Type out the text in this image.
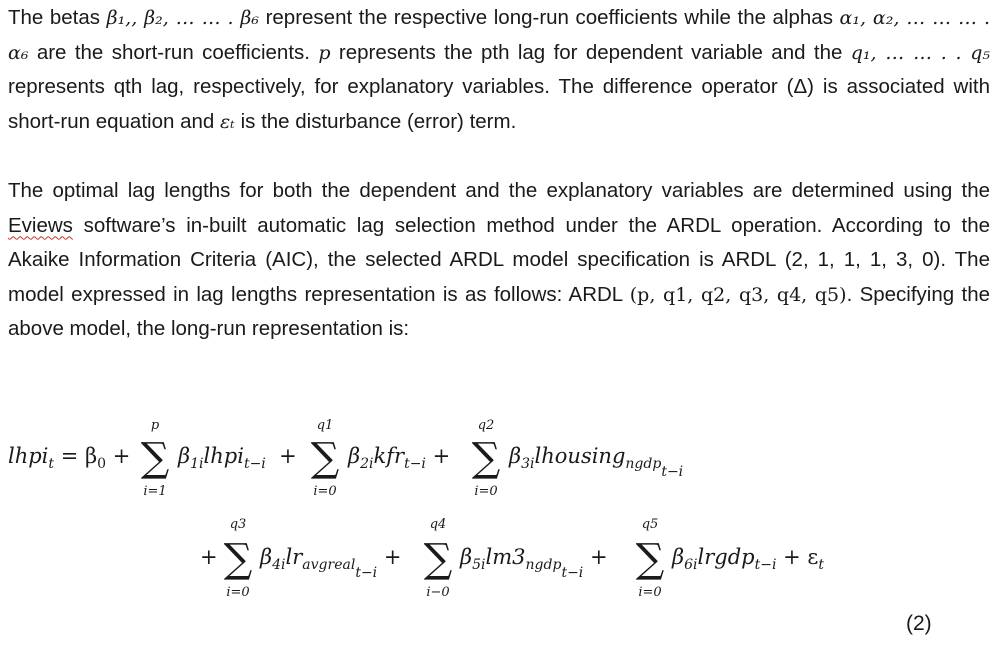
The betas β₁,, β₂, … … . β₆ represent the respective long-run coefficients while the alphas α₁, α₂, … … … . α₆ are the short-run coefficients. p represents the pth lag for dependent variable and the q₁, … … . . q₅ represents qth lag, respectively, for explanatory variables. The difference operator (Δ) is associated with short-run equation and εₜ is the disturbance (error) term.

The optimal lag lengths for both the dependent and the explanatory variables are determined using the Eviews software’s in-built automatic lag selection method under the ARDL operation. According to the Akaike Information Criteria (AIC), the selected ARDL model specification is ARDL (2, 1, 1, 1, 3, 0). The model expressed in lag lengths representation is as follows: ARDL (p, q1, q2, q3, q4, q5). Specifying the above model, the long-run representation is:

lhpi$_t$ = $\beta_0$ + ∑
p
i=1
$\beta_{1i}lhpi_{t-i}$ + ∑
q1
i=0
$\beta_{2i}kfr_{t-i}$ + ∑
q2
i=0
$\beta_{3i}lhousing_{ngdpt-i}$
+ ∑
q3
i=0
$\beta_{4i}lr_{avgrealt-i}$ + ∑
q4
i−0
$\beta_{5i}lm3_{ngdpt-i}$ + ∑
q5
i=0
$\beta_{6i}lrgdp_{t-i} + \varepsilon_t$
(2)
